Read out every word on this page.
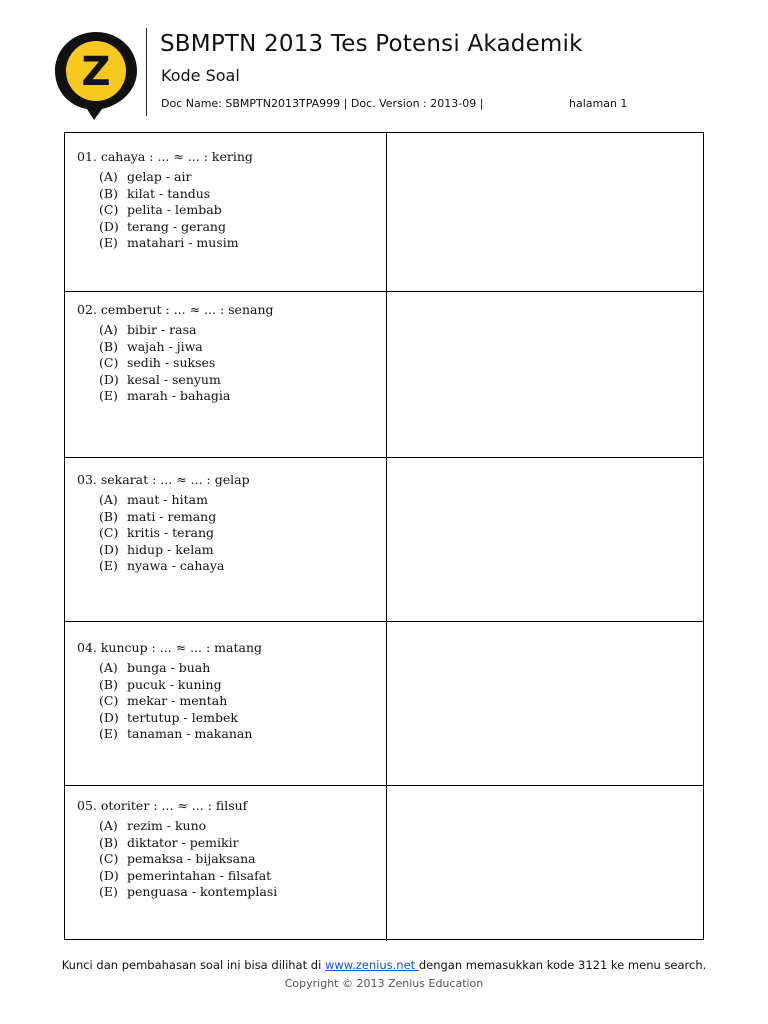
Z
SBMPTN 2013 Tes Potensi Akademik
Kode Soal
Doc Name: SBMPTN2013TPA999 | Doc. Version : 2013-09 |	halaman 1
01. cahaya : ... ≈ ... : kering
(A) gelap - air
(B) kilat - tandus
(C) pelita - lembab
(D) terang - gerang
(E) matahari - musim
02. cemberut : ... ≈ ... : senang
(A) bibir - rasa
(B) wajah - jiwa
(C) sedih - sukses
(D) kesal - senyum
(E) marah - bahagia
03. sekarat : ... ≈ ... : gelap
(A) maut - hitam
(B) mati - remang
(C) kritis - terang
(D) hidup - kelam
(E) nyawa - cahaya
04. kuncup : ... ≈ ... : matang
(A) bunga - buah
(B) pucuk - kuning
(C) mekar - mentah
(D) tertutup - lembek
(E) tanaman - makanan
05. otoriter : ... ≈ ... : filsuf
(A) rezim - kuno
(B) diktator - pemikir
(C) pemaksa - bijaksana
(D) pemerintahan - filsafat
(E) penguasa - kontemplasi
Kunci dan pembahasan soal ini bisa dilihat di www.zenius.net dengan memasukkan kode 3121 ke menu search.
Copyright © 2013 Zenius Education
